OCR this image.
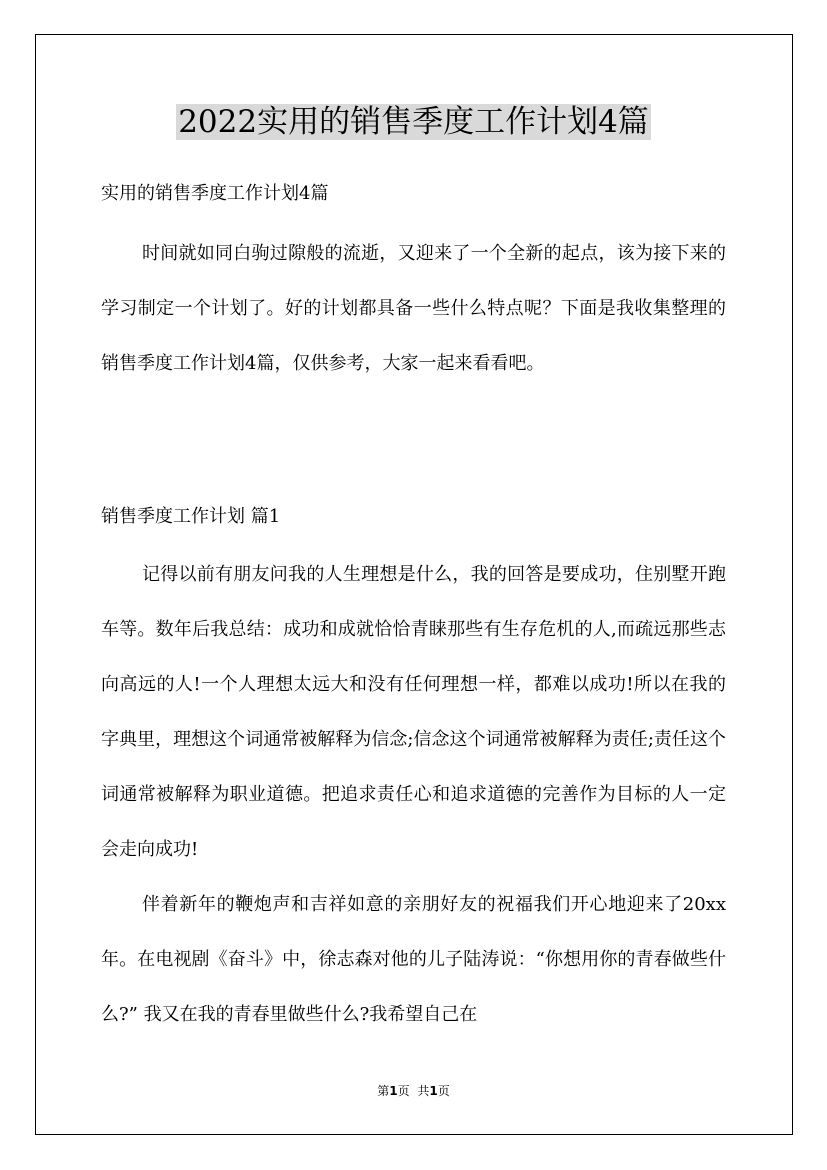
2022实用的销售季度工作计划4篇

实用的销售季度工作计划4篇

时间就如同白驹过隙般的流逝，又迎来了一个全新的起点，该为接下来的学习制定一个计划了。好的计划都具备一些什么特点呢？下面是我收集整理的销售季度工作计划4篇，仅供参考，大家一起来看看吧。

销售季度工作计划 篇1

记得以前有朋友问我的人生理想是什么，我的回答是要成功，住别墅开跑车等。数年后我总结：成功和成就恰恰青睐那些有生存危机的人,而疏远那些志向高远的人!一个人理想太远大和没有任何理想一样，都难以成功!所以在我的字典里，理想这个词通常被解释为信念;信念这个词通常被解释为责任;责任这个词通常被解释为职业道德。把追求责任心和追求道德的完善作为目标的人一定会走向成功!

伴着新年的鞭炮声和吉祥如意的亲朋好友的祝福我们开心地迎来了20xx年。在电视剧《奋斗》中，徐志森对他的儿子陆涛说：“你想用你的青春做些什么?” 我又在我的青春里做些什么?我希望自己在

第1页 共1页
